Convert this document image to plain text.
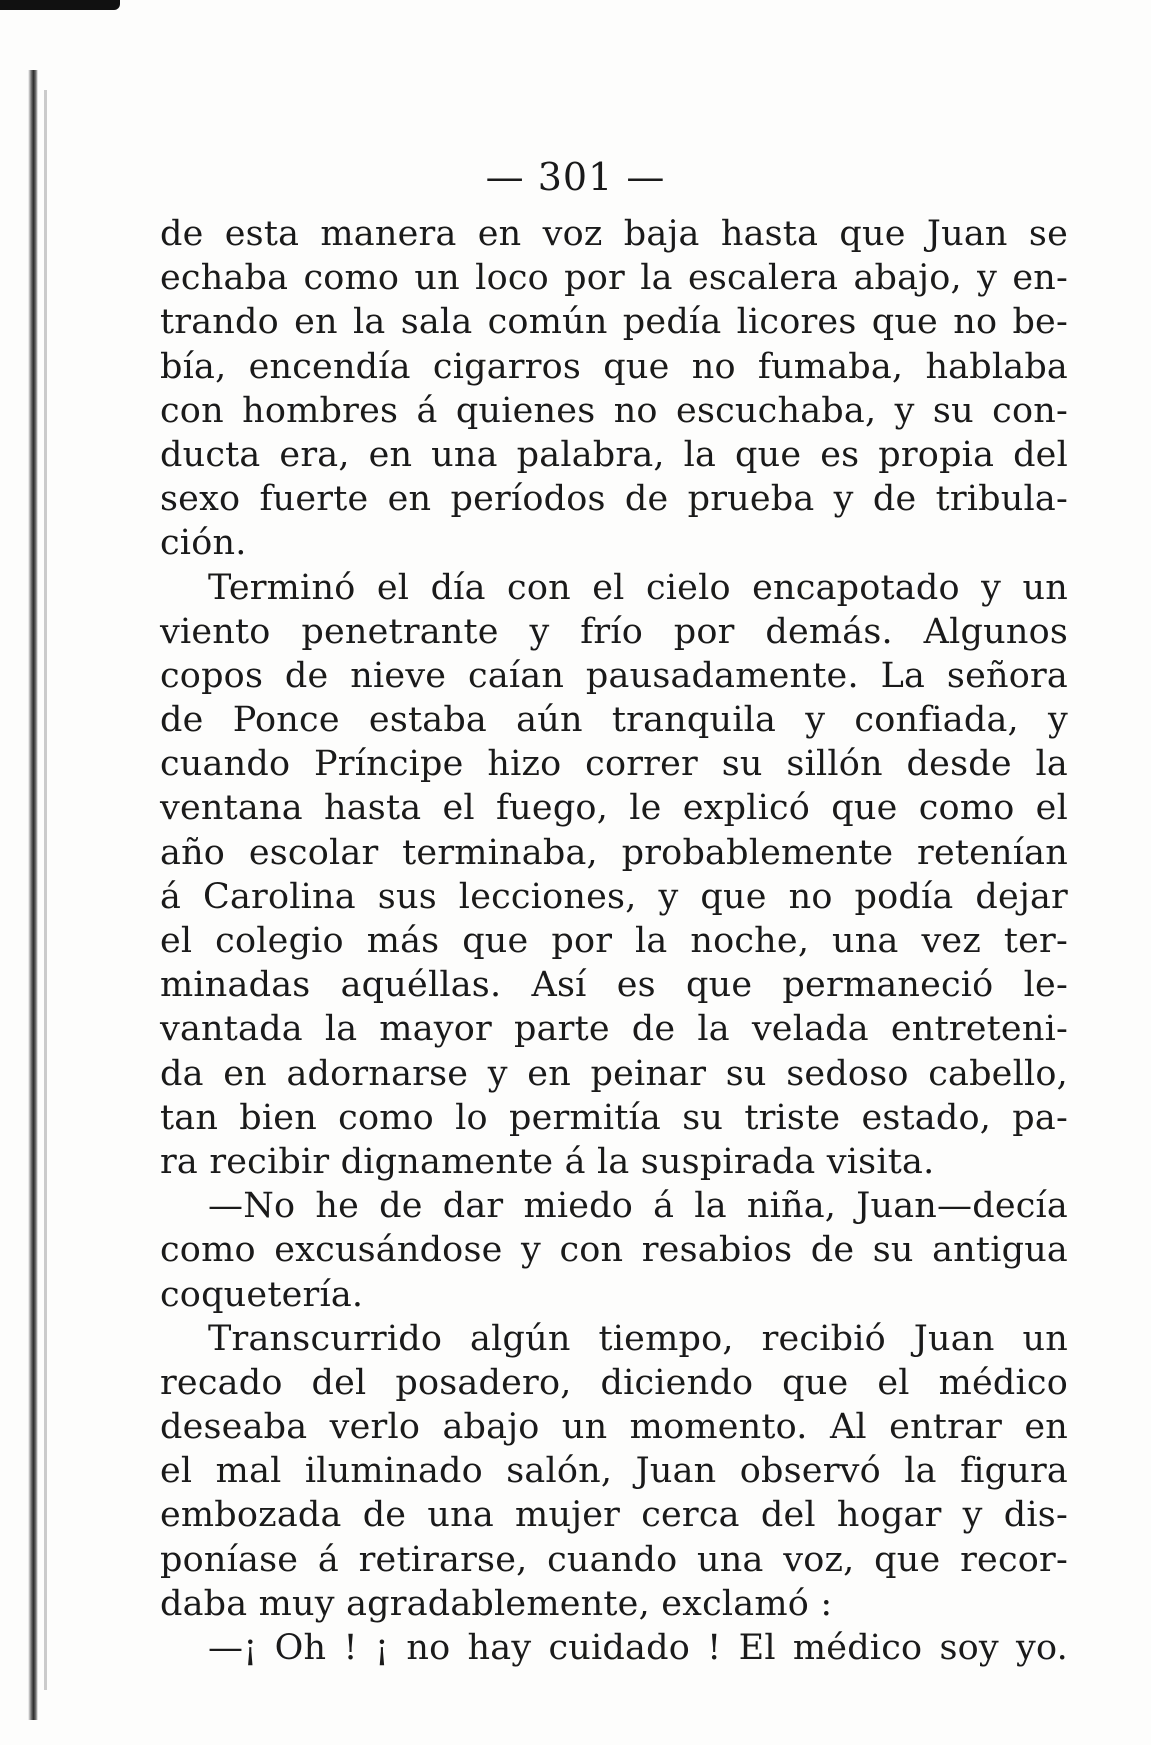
— 301 —
de esta manera en voz baja hasta que Juan se
echaba como un loco por la escalera abajo, y en-
trando en la sala común pedía licores que no be-
bía, encendía cigarros que no fumaba, hablaba
con hombres á quienes no escuchaba, y su con-
ducta era, en una palabra, la que es propia del
sexo fuerte en períodos de prueba y de tribula-
ción.
Terminó el día con el cielo encapotado y un
viento penetrante y frío por demás. Algunos
copos de nieve caían pausadamente. La señora
de Ponce estaba aún tranquila y confiada, y
cuando Príncipe hizo correr su sillón desde la
ventana hasta el fuego, le explicó que como el
año escolar terminaba, probablemente retenían
á Carolina sus lecciones, y que no podía dejar
el colegio más que por la noche, una vez ter-
minadas aquéllas. Así es que permaneció le-
vantada la mayor parte de la velada entreteni-
da en adornarse y en peinar su sedoso cabello,
tan bien como lo permitía su triste estado, pa-
ra recibir dignamente á la suspirada visita.
—No he de dar miedo á la niña, Juan—decía
como excusándose y con resabios de su antigua
coquetería.
Transcurrido algún tiempo, recibió Juan un
recado del posadero, diciendo que el médico
deseaba verlo abajo un momento. Al entrar en
el mal iluminado salón, Juan observó la figura
embozada de una mujer cerca del hogar y dis-
poníase á retirarse, cuando una voz, que recor-
daba muy agradablemente, exclamó :
—¡ Oh ! ¡ no hay cuidado ! El médico soy yo.
